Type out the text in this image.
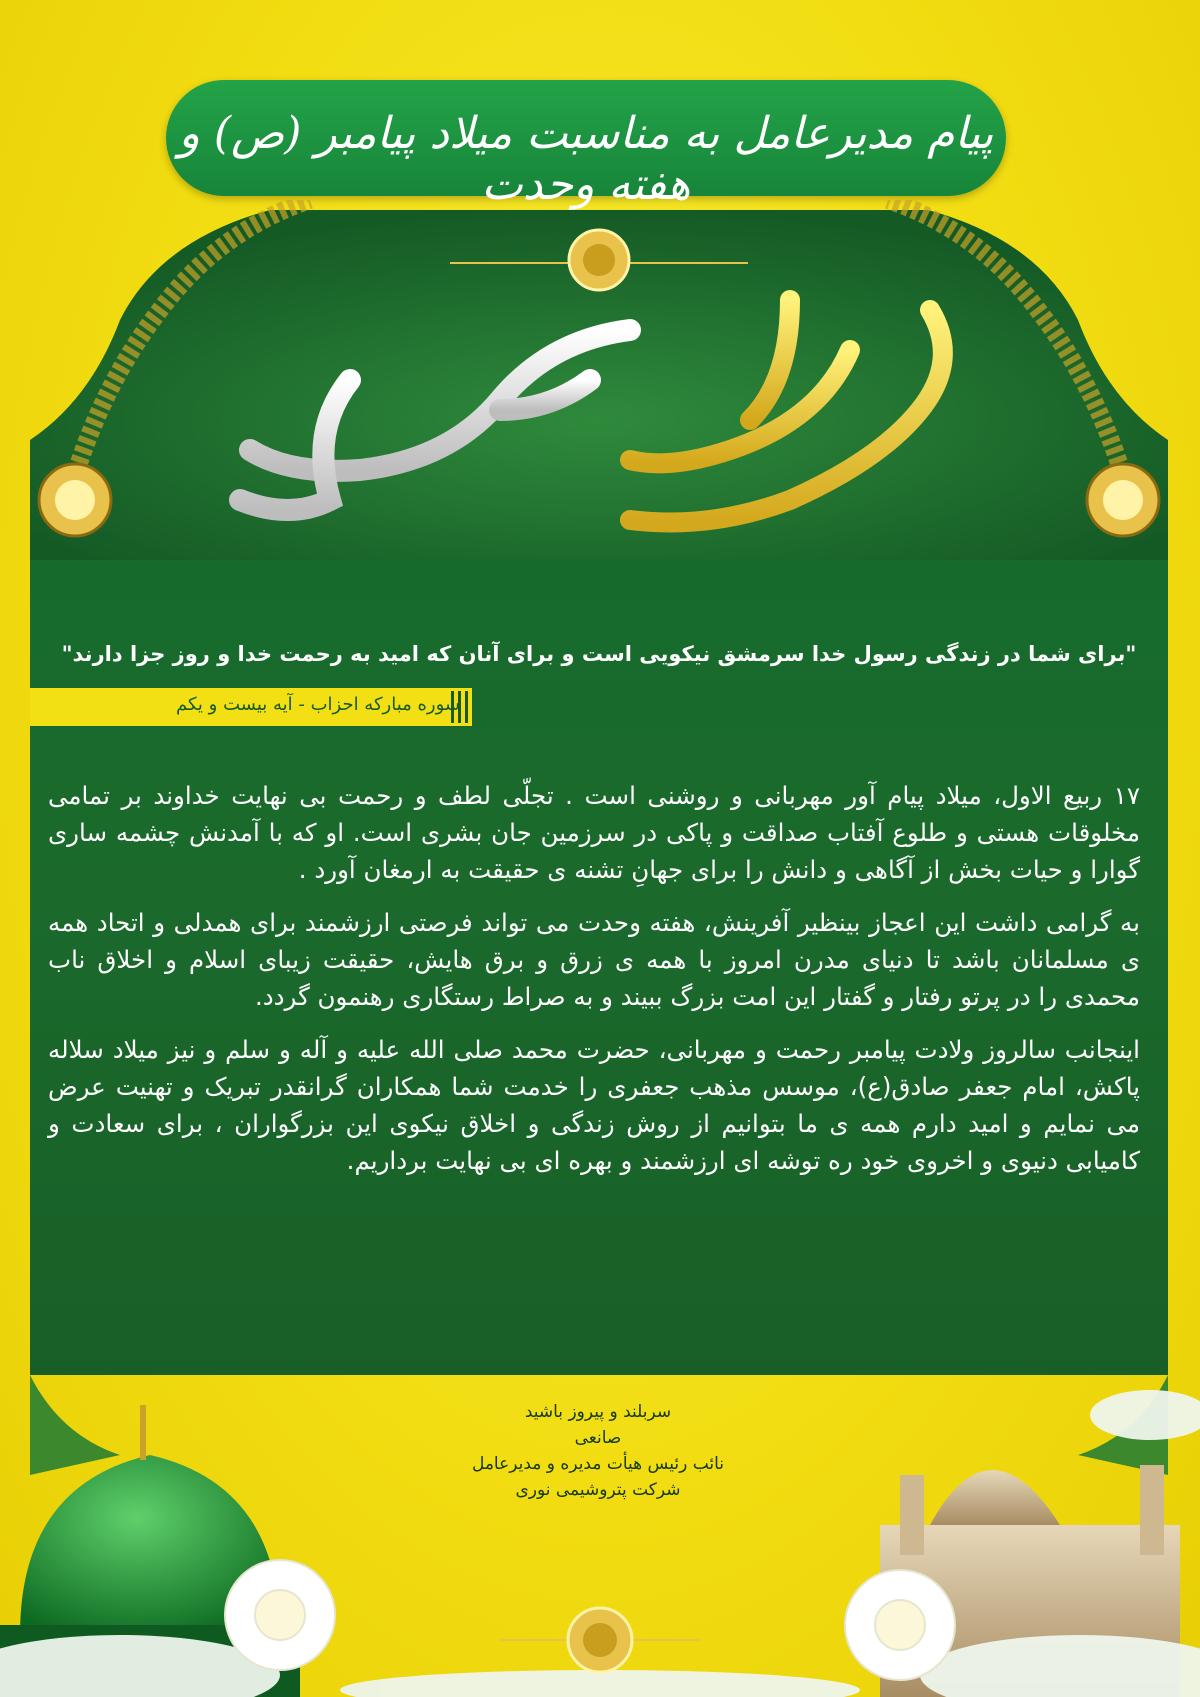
پیام مدیرعامل به مناسبت میلاد پیامبر (ص) و هفته وحدت
"برای شما در زندگی رسول خدا سرمشق نیکویی است و برای آنان که امید به رحمت خدا و روز جزا دارند"
سوره مبارکه احزاب - آیه بیست و یکم

۱۷ ربیع الاول، میلاد پیام آور مهربانی و روشنی است . تجلّی لطف و رحمت بی نهایت خداوند بر تمامی مخلوقات هستی و طلوع آفتاب صداقت و پاکی در سرزمین جان بشری است. او که با آمدنش چشمه ساری گوارا و حیات بخش از آگاهی و دانش را برای جهانِ تشنه ی حقیقت به ارمغان آورد .

به گرامی داشت این اعجاز بینظیر آفرینش، هفته وحدت می تواند فرصتی ارزشمند برای همدلی و اتحاد همه ی مسلمانان باشد تا دنیای مدرن امروز با همه ی زرق و برق هایش، حقیقت زیبای اسلام و اخلاق ناب محمدی را در پرتو رفتار و گفتار این امت بزرگ ببیند و به صراط رستگاری رهنمون گردد.

اینجانب سالروز ولادت پیامبر رحمت و مهربانی، حضرت محمد صلی الله علیه و آله و سلم و نیز میلاد سلاله پاکش، امام جعفر صادق(ع)، موسس مذهب جعفری را خدمت شما همکاران گرانقدر تبریک و تهنیت عرض می نمایم و امید دارم همه ی ما بتوانیم از روش زندگی و اخلاق نیکوی این بزرگواران ، برای سعادت و کامیابی دنیوی و اخروی خود ره توشه ای ارزشمند و بهره ای بی نهایت برداریم.

سربلند و پیروز باشید
صانعی
نائب رئیس هیأت مدیره و مدیرعامل
شرکت پتروشیمی نوری
